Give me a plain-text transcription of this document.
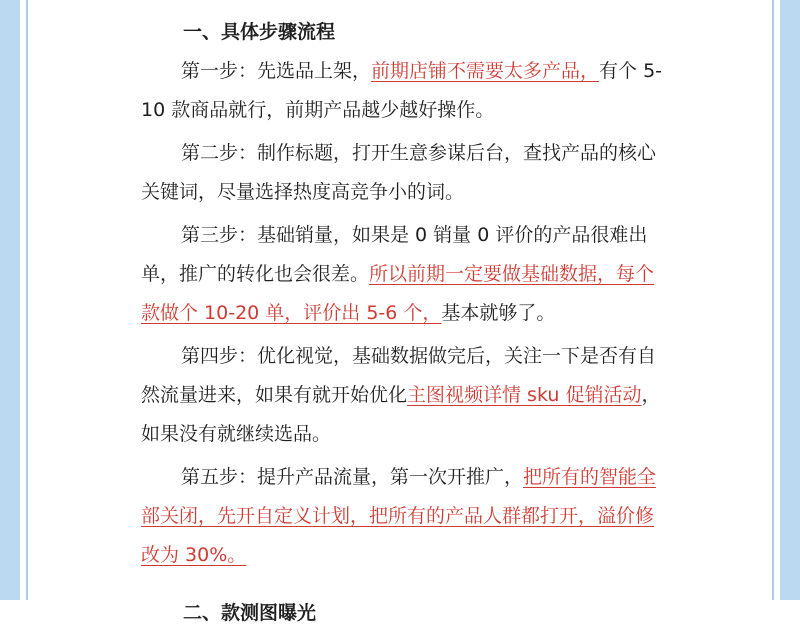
一、具体步骤流程
第一步：先选品上架，前期店铺不需要太多产品，有个 5-10 款商品就行，前期产品越少越好操作。
第二步：制作标题，打开生意参谋后台，查找产品的核心关键词，尽量选择热度高竞争小的词。
第三步：基础销量，如果是 0 销量 0 评价的产品很难出单，推广的转化也会很差。所以前期一定要做基础数据，每个款做个 10-20 单，评价出 5-6 个，基本就够了。
第四步：优化视觉，基础数据做完后，关注一下是否有自然流量进来，如果有就开始优化主图视频详情 sku 促销活动，如果没有就继续选品。
第五步：提升产品流量，第一次开推广，把所有的智能全部关闭，先开自定义计划，把所有的产品人群都打开，溢价修改为 30%。
二、款测图曝光
